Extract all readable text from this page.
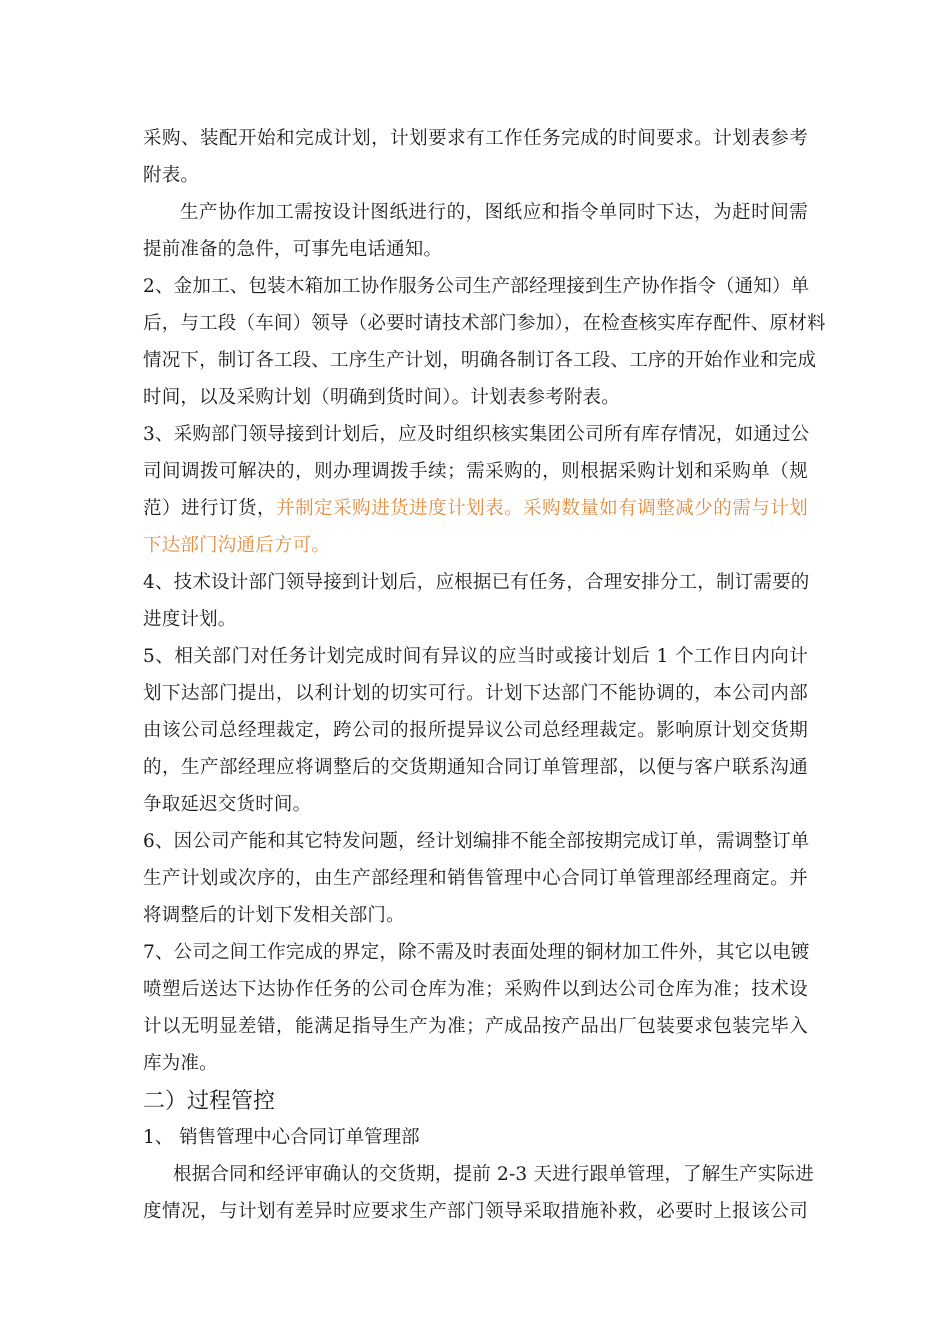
采购、装配开始和完成计划，计划要求有工作任务完成的时间要求。计划表参考
附表。
生产协作加工需按设计图纸进行的，图纸应和指令单同时下达，为赶时间需
提前准备的急件，可事先电话通知。
2、金加工、包装木箱加工协作服务公司生产部经理接到生产协作指令（通知）单
后，与工段（车间）领导（必要时请技术部门参加），在检查核实库存配件、原材料
情况下，制订各工段、工序生产计划，明确各制订各工段、工序的开始作业和完成
时间，以及采购计划（明确到货时间）。计划表参考附表。
3、采购部门领导接到计划后，应及时组织核实集团公司所有库存情况，如通过公
司间调拨可解决的，则办理调拨手续；需采购的，则根据采购计划和采购单（规
范）进行订货，并制定采购进货进度计划表。采购数量如有调整减少的需与计划
下达部门沟通后方可。
4、技术设计部门领导接到计划后，应根据已有任务，合理安排分工，制订需要的
进度计划。
5、相关部门对任务计划完成时间有异议的应当时或接计划后 1 个工作日内向计
划下达部门提出，以利计划的切实可行。计划下达部门不能协调的，本公司内部
由该公司总经理裁定，跨公司的报所提异议公司总经理裁定。影响原计划交货期
的，生产部经理应将调整后的交货期通知合同订单管理部，以便与客户联系沟通
争取延迟交货时间。
6、因公司产能和其它特发问题，经计划编排不能全部按期完成订单，需调整订单
生产计划或次序的，由生产部经理和销售管理中心合同订单管理部经理商定。并
将调整后的计划下发相关部门。
7、公司之间工作完成的界定，除不需及时表面处理的铜材加工件外，其它以电镀
喷塑后送达下达协作任务的公司仓库为准；采购件以到达公司仓库为准；技术设
计以无明显差错，能满足指导生产为准；产成品按产品出厂包装要求包装完毕入
库为准。
二）过程管控
1、 销售管理中心合同订单管理部
根据合同和经评审确认的交货期，提前 2-3 天进行跟单管理，了解生产实际进
度情况，与计划有差异时应要求生产部门领导采取措施补救，必要时上报该公司
